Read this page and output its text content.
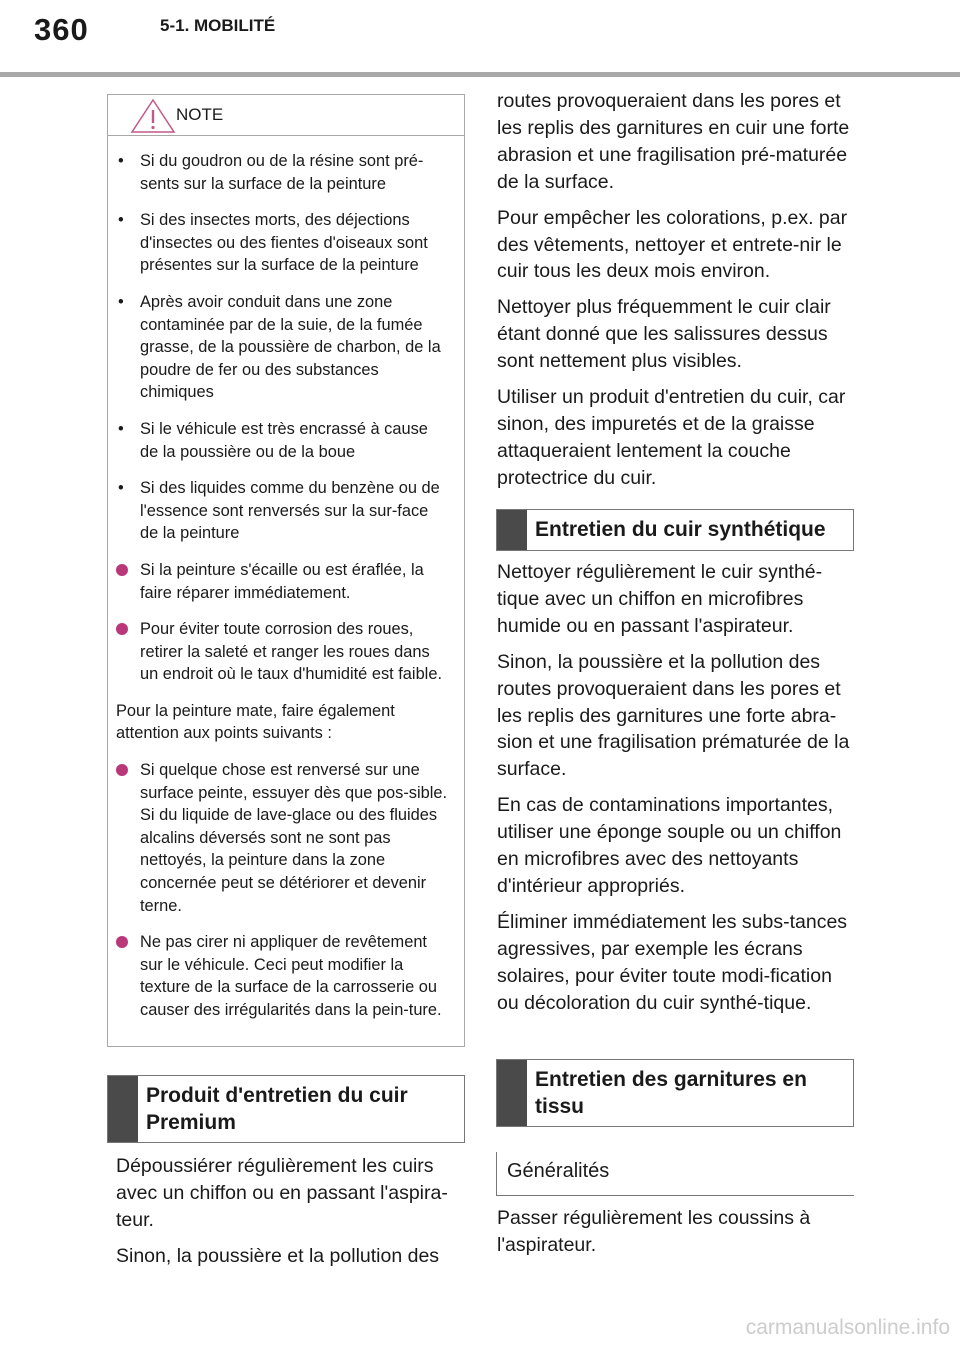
360	5-1. MOBILITÉ
NOTE
• Si du goudron ou de la résine sont pré-sents sur la surface de la peinture
• Si des insectes morts, des déjections d'insectes ou des fientes d'oiseaux sont présentes sur la surface de la peinture
• Après avoir conduit dans une zone contaminée par de la suie, de la fumée grasse, de la poussière de charbon, de la poudre de fer ou des substances chimiques
• Si le véhicule est très encrassé à cause de la poussière ou de la boue
• Si des liquides comme du benzène ou de l'essence sont renversés sur la sur-face de la peinture
Si la peinture s'écaille ou est éraflée, la faire réparer immédiatement.
Pour éviter toute corrosion des roues, retirer la saleté et ranger les roues dans un endroit où le taux d'humidité est faible.
Pour la peinture mate, faire également attention aux points suivants :
Si quelque chose est renversé sur une surface peinte, essuyer dès que pos-sible. Si du liquide de lave-glace ou des fluides alcalins déversés sont ne sont pas nettoyés, la peinture dans la zone concernée peut se détériorer et devenir terne.
Ne pas cirer ni appliquer de revêtement sur le véhicule. Ceci peut modifier la texture de la surface de la carrosserie ou causer des irrégularités dans la pein-ture.
Produit d'entretien du cuir Premium

Dépoussiérer régulièrement les cuirs avec un chiffon ou en passant l'aspira-teur.

Sinon, la poussière et la pollution des

routes provoqueraient dans les pores et les replis des garnitures en cuir une forte abrasion et une fragilisation pré-maturée de la surface.

Pour empêcher les colorations, p.ex. par des vêtements, nettoyer et entrete-nir le cuir tous les deux mois environ.

Nettoyer plus fréquemment le cuir clair étant donné que les salissures dessus sont nettement plus visibles.

Utiliser un produit d'entretien du cuir, car sinon, des impuretés et de la graisse attaqueraient lentement la couche protectrice du cuir.

Entretien du cuir synthétique

Nettoyer régulièrement le cuir synthé-tique avec un chiffon en microfibres humide ou en passant l'aspirateur.

Sinon, la poussière et la pollution des routes provoqueraient dans les pores et les replis des garnitures une forte abra-sion et une fragilisation prématurée de la surface.

En cas de contaminations importantes, utiliser une éponge souple ou un chiffon en microfibres avec des nettoyants d'intérieur appropriés.

Éliminer immédiatement les subs-tances agressives, par exemple les écrans solaires, pour éviter toute modi-fication ou décoloration du cuir synthé-tique.

Entretien des garnitures en tissu
Généralités

Passer régulièrement les coussins à l'aspirateur.

carmanualsonline.info
